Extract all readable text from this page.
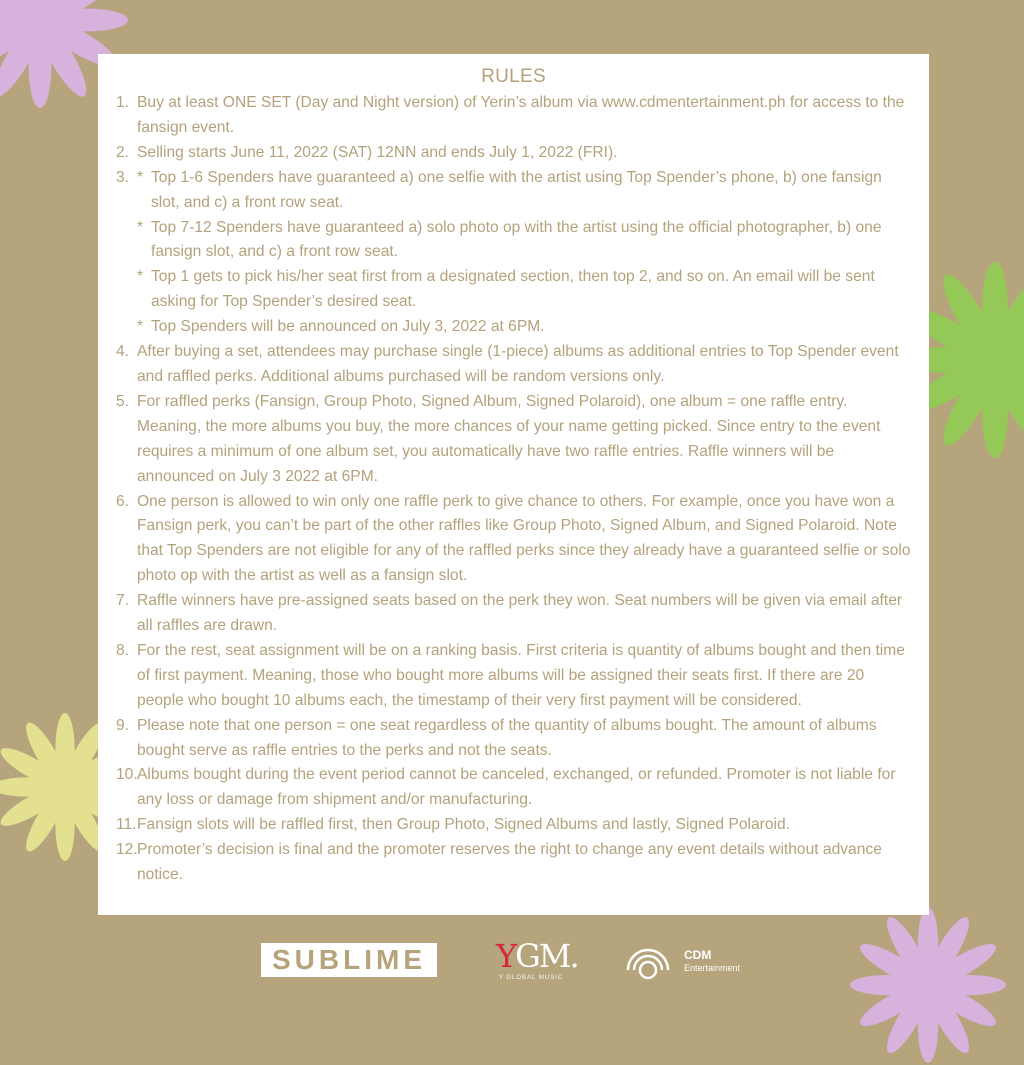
RULES
1. Buy at least ONE SET (Day and Night version) of Yerin’s album via www.cdmentertainment.ph for access to the fansign event.
2. Selling starts June 11, 2022 (SAT) 12NN and ends July 1, 2022 (FRI).
3. * Top 1-6 Spenders have guaranteed a) one selfie with the artist using Top Spender’s phone, b) one fansign slot, and c) a front row seat.
* Top 7-12 Spenders have guaranteed a) solo photo op with the artist using the official photographer, b) one fansign slot, and c) a front row seat.
* Top 1 gets to pick his/her seat first from a designated section, then top 2, and so on. An email will be sent asking for Top Spender’s desired seat.
* Top Spenders will be announced on July 3, 2022 at 6PM.
4. After buying a set, attendees may purchase single (1-piece) albums as additional entries to Top Spender event and raffled perks. Additional albums purchased will be random versions only.
5. For raffled perks (Fansign, Group Photo, Signed Album, Signed Polaroid), one album = one raffle entry. Meaning, the more albums you buy, the more chances of your name getting picked. Since entry to the event requires a minimum of one album set, you automatically have two raffle entries. Raffle winners will be announced on July 3 2022 at 6PM.
6. One person is allowed to win only one raffle perk to give chance to others. For example, once you have won a Fansign perk, you can’t be part of the other raffles like Group Photo, Signed Album, and Signed Polaroid. Note that Top Spenders are not eligible for any of the raffled perks since they already have a guaranteed selfie or solo photo op with the artist as well as a fansign slot.
7. Raffle winners have pre-assigned seats based on the perk they won. Seat numbers will be given via email after all raffles are drawn.
8. For the rest, seat assignment will be on a ranking basis. First criteria is quantity of albums bought and then time of first payment. Meaning, those who bought more albums will be assigned their seats first. If there are 20 people who bought 10 albums each, the timestamp of their very first payment will be considered.
9. Please note that one person = one seat regardless of the quantity of albums bought. The amount of albums bought serve as raffle entries to the perks and not the seats.
10. Albums bought during the event period cannot be canceled, exchanged, or refunded. Promoter is not liable for any loss or damage from shipment and/or manufacturing.
11. Fansign slots will be raffled first, then Group Photo, Signed Albums and lastly, Signed Polaroid.
12. Promoter’s decision is final and the promoter reserves the right to change any event details without advance notice.
SUBLIME	YGM.
Y GLOBAL MUSIC
CDM
Entertainment
